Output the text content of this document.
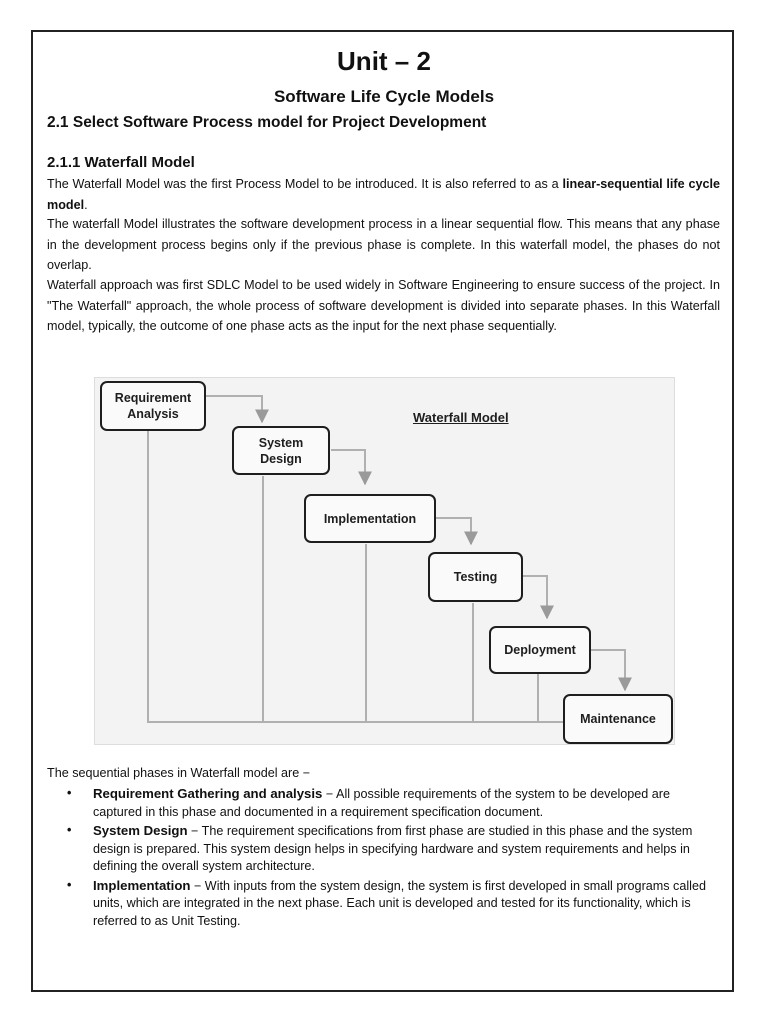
Unit – 2
Software Life Cycle Models
2.1 Select Software Process model for Project Development
2.1.1 Waterfall Model

The Waterfall Model was the first Process Model to be introduced. It is also referred to as a linear-sequential life cycle model.

The waterfall Model illustrates the software development process in a linear sequential flow. This means that any phase in the development process begins only if the previous phase is complete. In this waterfall model, the phases do not overlap.

Waterfall approach was first SDLC Model to be used widely in Software Engineering to ensure success of the project. In "The Waterfall" approach, the whole process of software development is divided into separate phases. In this Waterfall model, typically, the outcome of one phase acts as the input for the next phase sequentially.

Waterfall Model
Requirement
Analysis
System
Design
Implementation
Testing
Deployment
Maintenance
The sequential phases in Waterfall model are −
• Requirement Gathering and analysis − All possible requirements of the system to be developed are captured in this phase and documented in a requirement specification document.
• System Design − The requirement specifications from first phase are studied in this phase and the system design is prepared. This system design helps in specifying hardware and system requirements and helps in defining the overall system architecture.
• Implementation − With inputs from the system design, the system is first developed in small programs called units, which are integrated in the next phase. Each unit is developed and tested for its functionality, which is referred to as Unit Testing.
